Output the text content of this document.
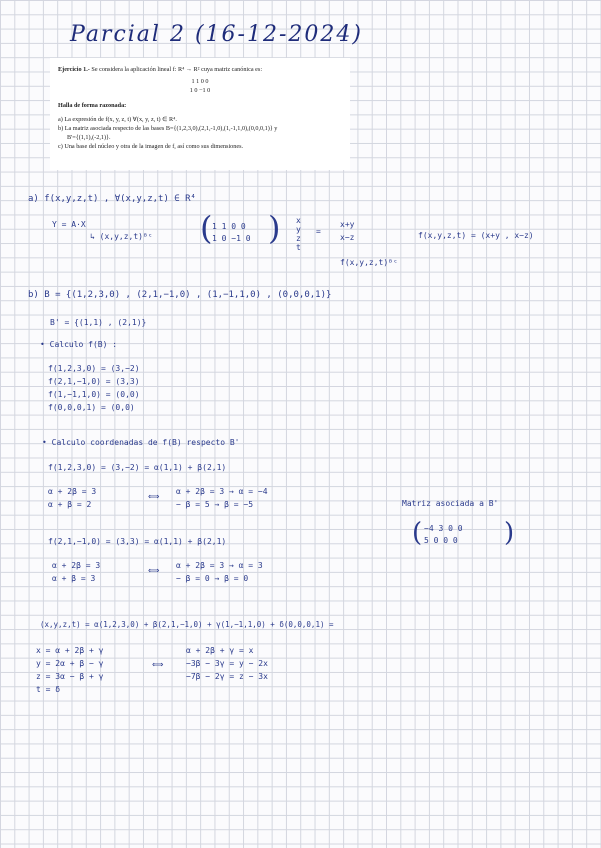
Parcial 2 (16-12-2024)
Ejercicio 1.- Se considera la aplicación lineal f: R⁴ → R² cuya matriz canónica es:
1 1 0 0
1 0 −1 0
Halla de forma razonada:
a) La expresión de f(x, y, z, t) ∀(x, y, z, t) ∈ R⁴.
b) La matriz asociada respecto de las bases B={(1,2,3,0),(2,1,-1,0),(1,-1,1,0),(0,0,0,1)} y
B'={(1,1),(-2,1)}.
c) Una base del núcleo y otra de la imagen de f, así como sus dimensiones.
a) f(x,y,z,t) , ∀(x,y,z,t) ∈ R⁴
Y = A·X
↳ (x,y,z,t)ᴮᶜ ( 1 1 0 0
1 0 −1 0 ) x y z t
=
x+y
x−z	f(x,y,z,t) = (x+y , x−z)
f(x,y,z,t)ᴮᶜ
b) B = {(1,2,3,0) , (2,1,−1,0) , (1,−1,1,0) , (0,0,0,1)}
B' = {(1,1) , (2,1)}
• Calculo f(B) :
f(1,2,3,0) = (3,−2)
f(2,1,−1,0) = (3,3)
f(1,−1,1,0) = (0,0)
f(0,0,0,1) = (0,0)
• Calculo coordenadas de f(B) respecto B'
f(1,2,3,0) = (3,−2) = α(1,1) + β(2,1)
α + 2β = 3
α + β = 2
⟺
α + 2β = 3 → α = −4
− β = 5 → β = −5	Matriz asociada a B'
( −4 3 0 0
5 0 0 0 )
f(2,1,−1,0) = (3,3) = α(1,1) + β(2,1)
α + 2β = 3
α + β = 3
⟺
α + 2β = 3 → α = 3
− β = 0 → β = 0
(x,y,z,t) = α(1,2,3,0) + β(2,1,−1,0) + γ(1,−1,1,0) + δ(0,0,0,1) =
x = α + 2β + γ
y = 2α + β − γ
z = 3α − β + γ
t = δ
⟺
α + 2β + γ = x
−3β − 3γ = y − 2x
−7β − 2γ = z − 3x
